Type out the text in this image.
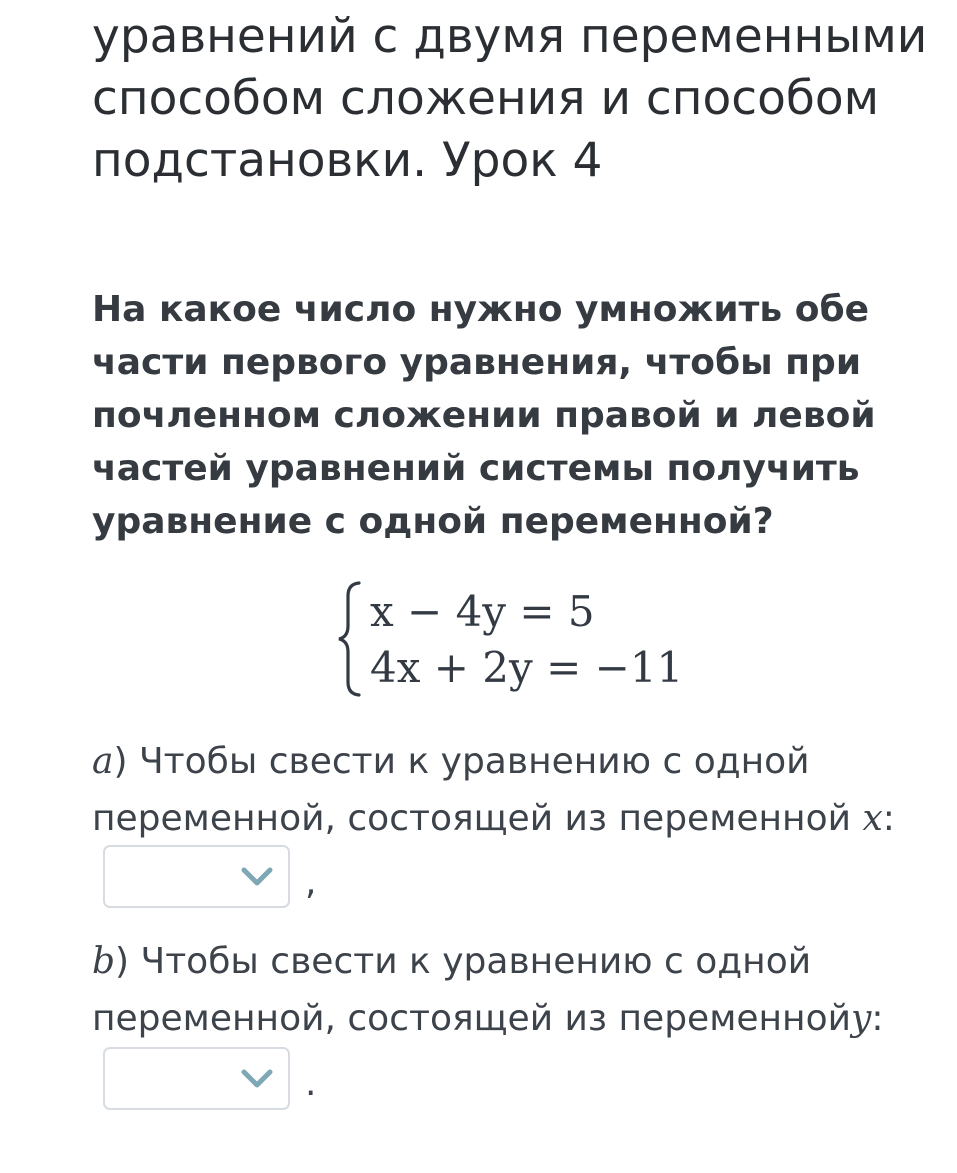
уравнений с двумя переменными способом сложения и способом подстановки. Урок 4
На какое число нужно умножить обе части первого уравнения, чтобы при почленном сложении правой и левой частей уравнений системы получить уравнение с одной переменной?
x − 4y = 5
4x + 2y = −11
a) Чтобы свести к уравнению с одной переменной, состоящей из переменной x:
,
b) Чтобы свести к уравнению с одной переменной, состоящей из переменнойy:
.
